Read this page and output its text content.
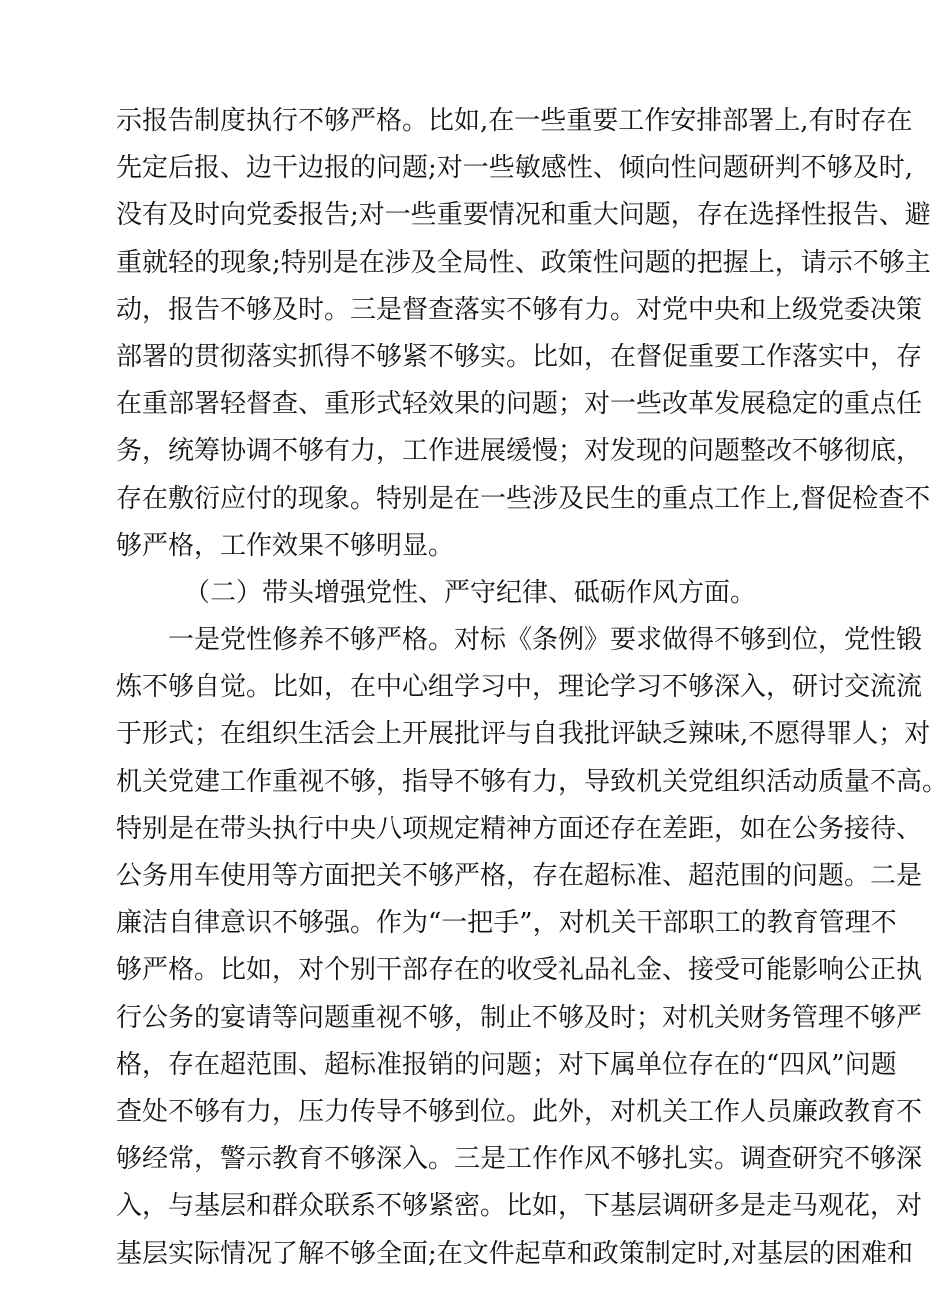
示报告制度执行不够严格。比如,在一些重要工作安排部署上,有时存在
先定后报、边干边报的问题;对一些敏感性、倾向性问题研判不够及时,
没有及时向党委报告;对一些重要情况和重大问题，存在选择性报告、避
重就轻的现象;特别是在涉及全局性、政策性问题的把握上，请示不够主
动，报告不够及时。三是督查落实不够有力。对党中央和上级党委决策
部署的贯彻落实抓得不够紧不够实。比如，在督促重要工作落实中，存
在重部署轻督查、重形式轻效果的问题；对一些改革发展稳定的重点任
务，统筹协调不够有力，工作进展缓慢；对发现的问题整改不够彻底，
存在敷衍应付的现象。特别是在一些涉及民生的重点工作上,督促检查不
够严格，工作效果不够明显。
（二）带头增强党性、严守纪律、砥砺作风方面。
一是党性修养不够严格。对标《条例》要求做得不够到位，党性锻
炼不够自觉。比如，在中心组学习中，理论学习不够深入，研讨交流流
于形式；在组织生活会上开展批评与自我批评缺乏辣味,不愿得罪人；对
机关党建工作重视不够，指导不够有力，导致机关党组织活动质量不高。
特别是在带头执行中央八项规定精神方面还存在差距，如在公务接待、
公务用车使用等方面把关不够严格，存在超标准、超范围的问题。二是
廉洁自律意识不够强。作为“一把手”，对机关干部职工的教育管理不
够严格。比如，对个别干部存在的收受礼品礼金、接受可能影响公正执
行公务的宴请等问题重视不够，制止不够及时；对机关财务管理不够严
格，存在超范围、超标准报销的问题；对下属单位存在的“四风”问题
查处不够有力，压力传导不够到位。此外，对机关工作人员廉政教育不
够经常，警示教育不够深入。三是工作作风不够扎实。调查研究不够深
入，与基层和群众联系不够紧密。比如，下基层调研多是走马观花，对
基层实际情况了解不够全面;在文件起草和政策制定时,对基层的困难和
